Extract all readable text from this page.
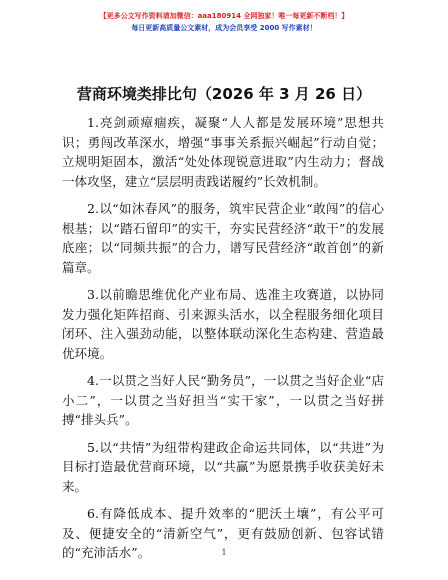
【更多公文写作资料请加微信：aaa180914 全网独家！唯一每更新不断档！】
每日更新高质量公文素材，成为会员享受 2000 写作素材！
营商环境类排比句（2026 年 3 月 26 日）

1.亮剑顽瘴痼疾，凝聚“人人都是发展环境”思想共识；勇闯改革深水，增强“事事关系振兴崛起”行动自觉；立规明矩固本，激活“处处体现锐意进取”内生动力；督战一体攻坚，建立“层层明责践诺履约”长效机制。

2.以“如沐春风”的服务，筑牢民营企业“敢闯”的信心根基；以“踏石留印”的实干，夯实民营经济“敢干”的发展底座；以“同频共振”的合力，谱写民营经济“敢首创”的新篇章。

3.以前瞻思维优化产业布局、选准主攻赛道，以协同发力强化矩阵招商、引来源头活水，以全程服务细化项目闭环、注入强劲动能，以整体联动深化生态构建、营造最优环境。

4.一以贯之当好人民“勤务员”，一以贯之当好企业“店小二”，一以贯之当好担当“实干家”，一以贯之当好拼搏“排头兵”。

5.以“共情”为纽带构建政企命运共同体，以“共进”为目标打造最优营商环境，以“共赢”为愿景携手收获美好未来。

6.有降低成本、提升效率的“肥沃土壤”，有公平可及、便捷安全的“清新空气”，更有鼓励创新、包容试错的“充沛活水”。	1
